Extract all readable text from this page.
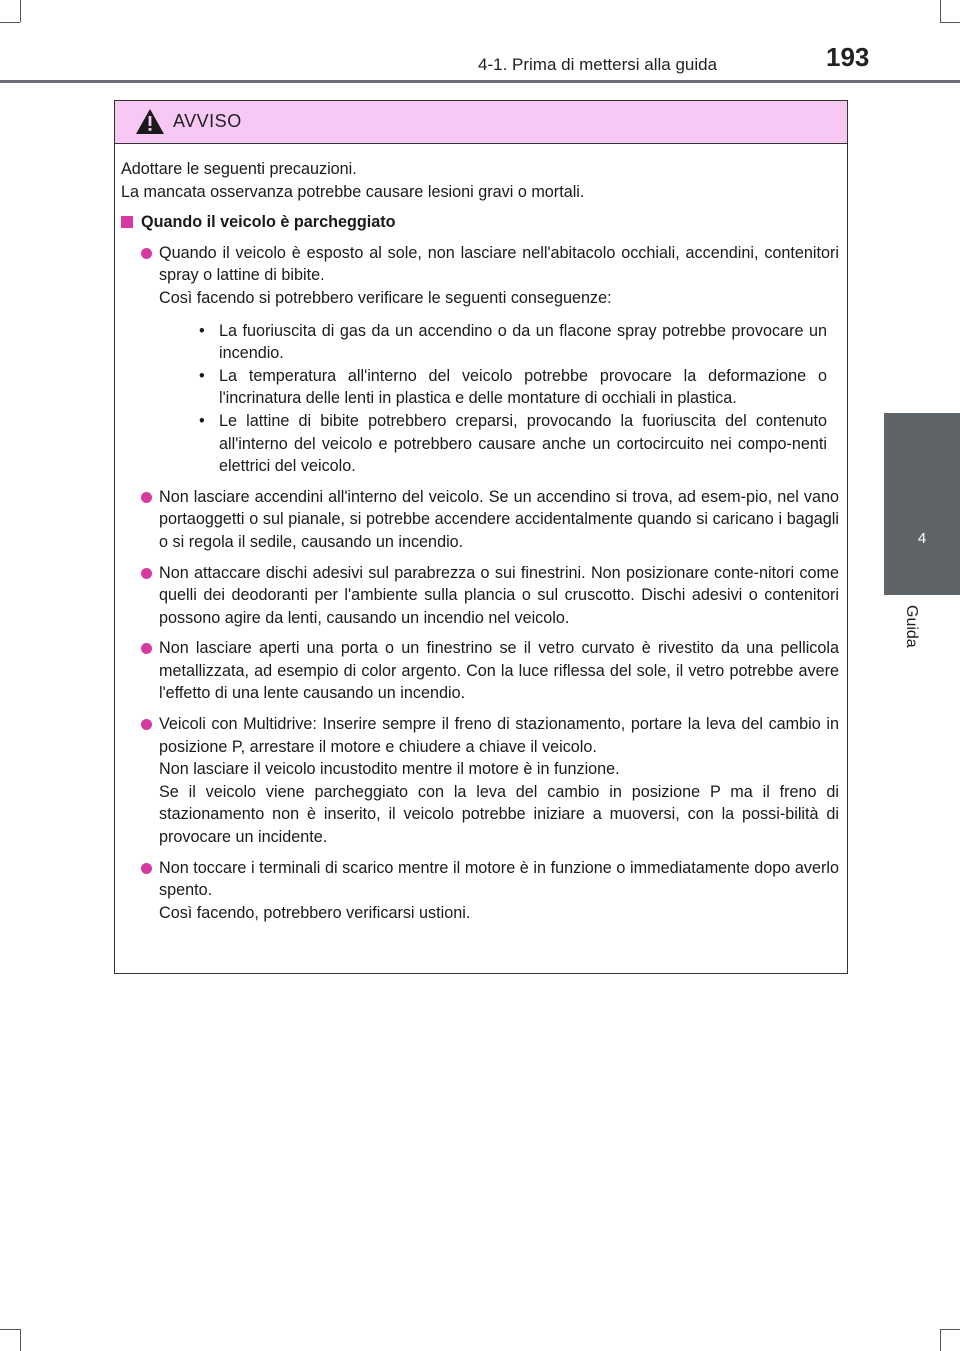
4-1. Prima di mettersi alla guida	193
4
Guida
AVVISO

Adottare le seguenti precauzioni.

La mancata osservanza potrebbe causare lesioni gravi o mortali.

Quando il veicolo è parcheggiato

Quando il veicolo è esposto al sole, non lasciare nell'abitacolo occhiali, accendini, contenitori spray o lattine di bibite.

Così facendo si potrebbero verificare le seguenti conseguenze:

• La fuoriuscita di gas da un accendino o da un flacone spray potrebbe provocare un incendio.
• La temperatura all'interno del veicolo potrebbe provocare la deformazione o l'incrinatura delle lenti in plastica e delle montature di occhiali in plastica.
• Le lattine di bibite potrebbero creparsi, provocando la fuoriuscita del contenuto all'interno del veicolo e potrebbero causare anche un cortocircuito nei compo-nenti elettrici del veicolo.

Non lasciare accendini all'interno del veicolo. Se un accendino si trova, ad esem-pio, nel vano portaoggetti o sul pianale, si potrebbe accendere accidentalmente quando si caricano i bagagli o si regola il sedile, causando un incendio.

Non attaccare dischi adesivi sul parabrezza o sui finestrini. Non posizionare conte-nitori come quelli dei deodoranti per l'ambiente sulla plancia o sul cruscotto. Dischi adesivi o contenitori possono agire da lenti, causando un incendio nel veicolo.

Non lasciare aperti una porta o un finestrino se il vetro curvato è rivestito da una pellicola metallizzata, ad esempio di color argento. Con la luce riflessa del sole, il vetro potrebbe avere l'effetto di una lente causando un incendio.

Veicoli con Multidrive: Inserire sempre il freno di stazionamento, portare la leva del cambio in posizione P, arrestare il motore e chiudere a chiave il veicolo.

Non lasciare il veicolo incustodito mentre il motore è in funzione.

Se il veicolo viene parcheggiato con la leva del cambio in posizione P ma il freno di stazionamento non è inserito, il veicolo potrebbe iniziare a muoversi, con la possi-bilità di provocare un incidente.

Non toccare i terminali di scarico mentre il motore è in funzione o immediatamente dopo averlo spento.

Così facendo, potrebbero verificarsi ustioni.
